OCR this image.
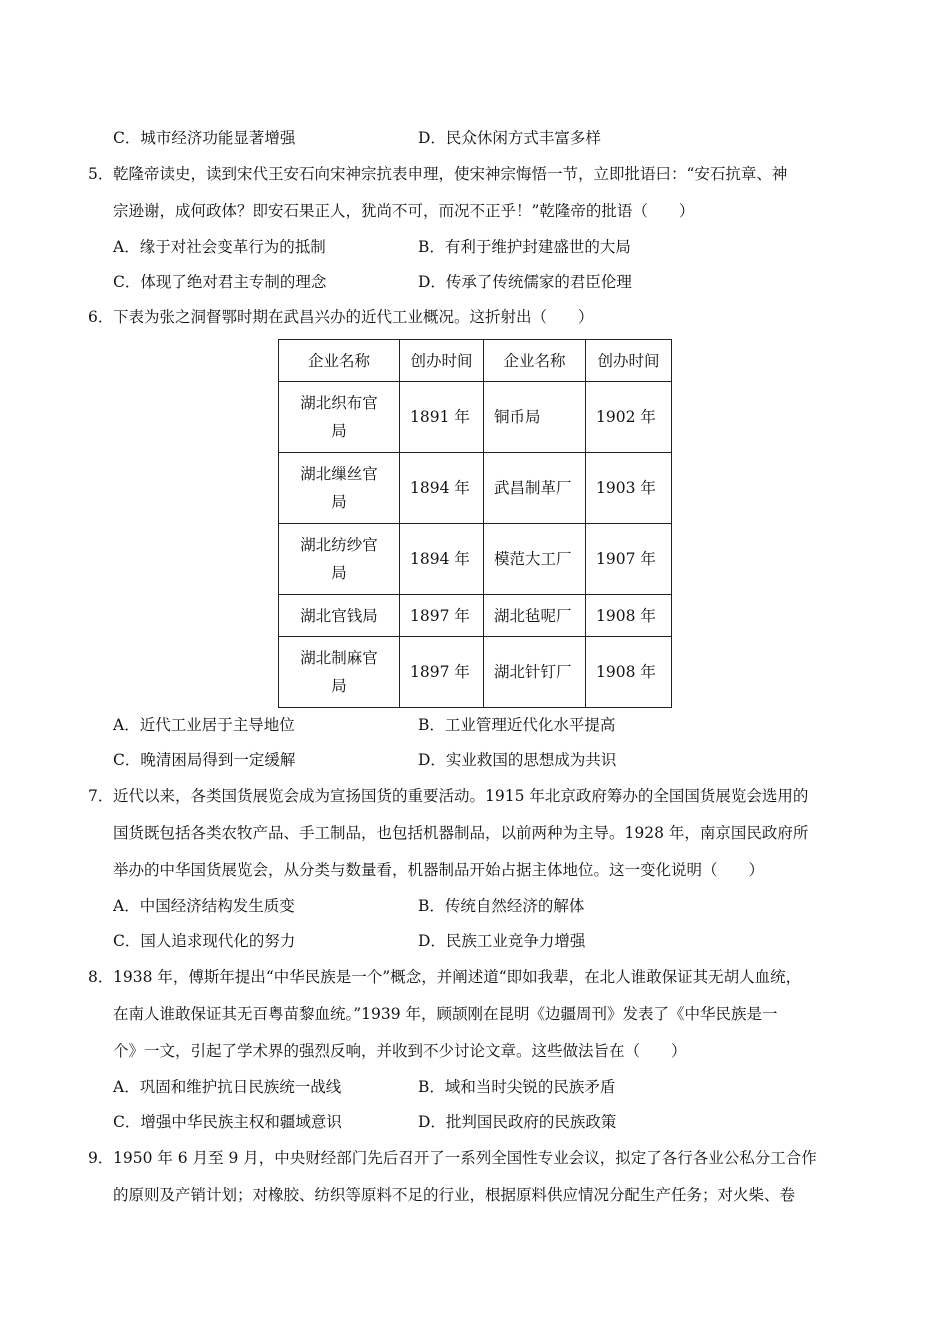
C．城市经济功能显著增强	D．民众休闲方式丰富多样
5． 乾隆帝读史，读到宋代王安石向宋神宗抗表申理，使宋神宗悔悟一节，立即批语曰：“安石抗章、神
宗逊谢，成何政体？即安石果正人，犹尚不可，而况不正乎！”乾隆帝的批语（　　）
A．缘于对社会变革行为的抵制	B．有利于维护封建盛世的大局
C．体现了绝对君主专制的理念	D．传承了传统儒家的君臣伦理
6． 下表为张之洞督鄂时期在武昌兴办的近代工业概况。这折射出（　　）
企业名称	创办时间	企业名称	创办时间
湖北织布官
局	1891 年	铜币局	1902 年
湖北缫丝官
局	1894 年	武昌制革厂	1903 年
湖北纺纱官
局	1894 年	模范大工厂	1907 年
湖北官钱局	1897 年	湖北毡呢厂	1908 年
湖北制麻官
局	1897 年	湖北针钉厂	1908 年
A．近代工业居于主导地位	B．工业管理近代化水平提高
C．晚清困局得到一定缓解	D．实业救国的思想成为共识
7． 近代以来，各类国货展览会成为宣扬国货的重要活动。1915 年北京政府筹办的全国国货展览会选用的
国货既包括各类农牧产品、手工制品，也包括机器制品，以前两种为主导。1928 年，南京国民政府所
举办的中华国货展览会，从分类与数量看，机器制品开始占据主体地位。这一变化说明（　　）
A．中国经济结构发生质变	B．传统自然经济的解体
C．国人追求现代化的努力	D．民族工业竞争力增强
8． 1938 年，傅斯年提出“中华民族是一个”概念，并阐述道“即如我辈，在北人谁敢保证其无胡人血统，
在南人谁敢保证其无百粤苗黎血统。”1939 年，顾颉刚在昆明《边疆周刊》发表了《中华民族是一
个》一文，引起了学术界的强烈反响，并收到不少讨论文章。这些做法旨在（　　）
A．巩固和维护抗日民族统一战线	B．域和当时尖锐的民族矛盾
C．增强中华民族主权和疆域意识	D．批判国民政府的民族政策
9． 1950 年 6 月至 9 月，中央财经部门先后召开了一系列全国性专业会议，拟定了各行各业公私分工合作
的原则及产销计划；对橡胶、纺织等原料不足的行业，根据原料供应情况分配生产任务；对火柴、卷
